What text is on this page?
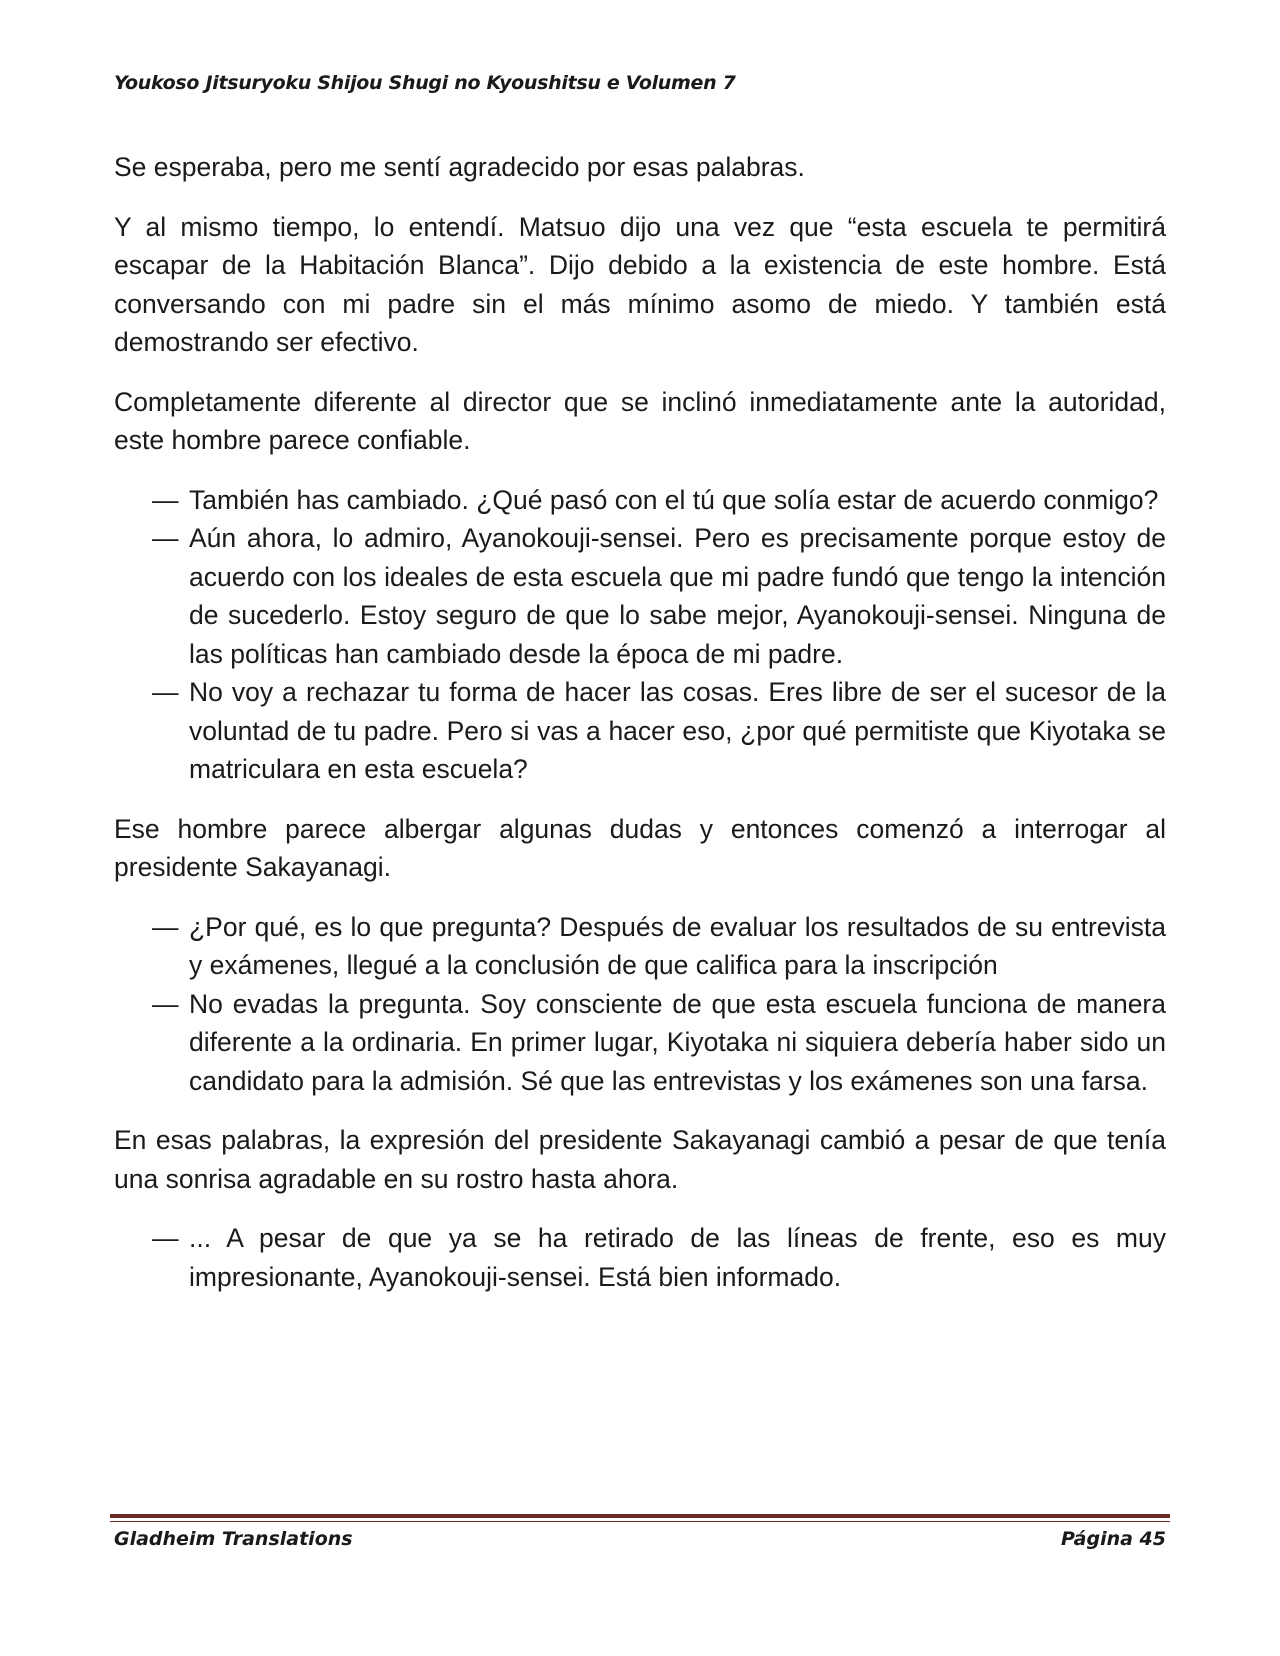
Youkoso Jitsuryoku Shijou Shugi no Kyoushitsu e Volumen 7

Se esperaba, pero me sentí agradecido por esas palabras.

Y al mismo tiempo, lo entendí. Matsuo dijo una vez que “esta escuela te permitirá escapar de la Habitación Blanca”. Dijo debido a la existencia de este hombre. Está conversando con mi padre sin el más mínimo asomo de miedo. Y también está demostrando ser efectivo.

Completamente diferente al director que se inclinó inmediatamente ante la autoridad, este hombre parece confiable.

— También has cambiado. ¿Qué pasó con el tú que solía estar de acuerdo conmigo?
— Aún ahora, lo admiro, Ayanokouji-sensei. Pero es precisamente porque estoy de acuerdo con los ideales de esta escuela que mi padre fundó que tengo la intención de sucederlo. Estoy seguro de que lo sabe mejor, Ayanokouji-sensei. Ninguna de las políticas han cambiado desde la época de mi padre.
— No voy a rechazar tu forma de hacer las cosas. Eres libre de ser el sucesor de la voluntad de tu padre. Pero si vas a hacer eso, ¿por qué permitiste que Kiyotaka se matriculara en esta escuela?

Ese hombre parece albergar algunas dudas y entonces comenzó a interrogar al presidente Sakayanagi.

— ¿Por qué, es lo que pregunta? Después de evaluar los resultados de su entrevista y exámenes, llegué a la conclusión de que califica para la inscripción
— No evadas la pregunta. Soy consciente de que esta escuela funciona de manera diferente a la ordinaria. En primer lugar, Kiyotaka ni siquiera debería haber sido un candidato para la admisión. Sé que las entrevistas y los exámenes son una farsa.

En esas palabras, la expresión del presidente Sakayanagi cambió a pesar de que tenía una sonrisa agradable en su rostro hasta ahora.

— ... A pesar de que ya se ha retirado de las líneas de frente, eso es muy impresionante, Ayanokouji-sensei. Está bien informado.
Gladheim Translations	Página 45
